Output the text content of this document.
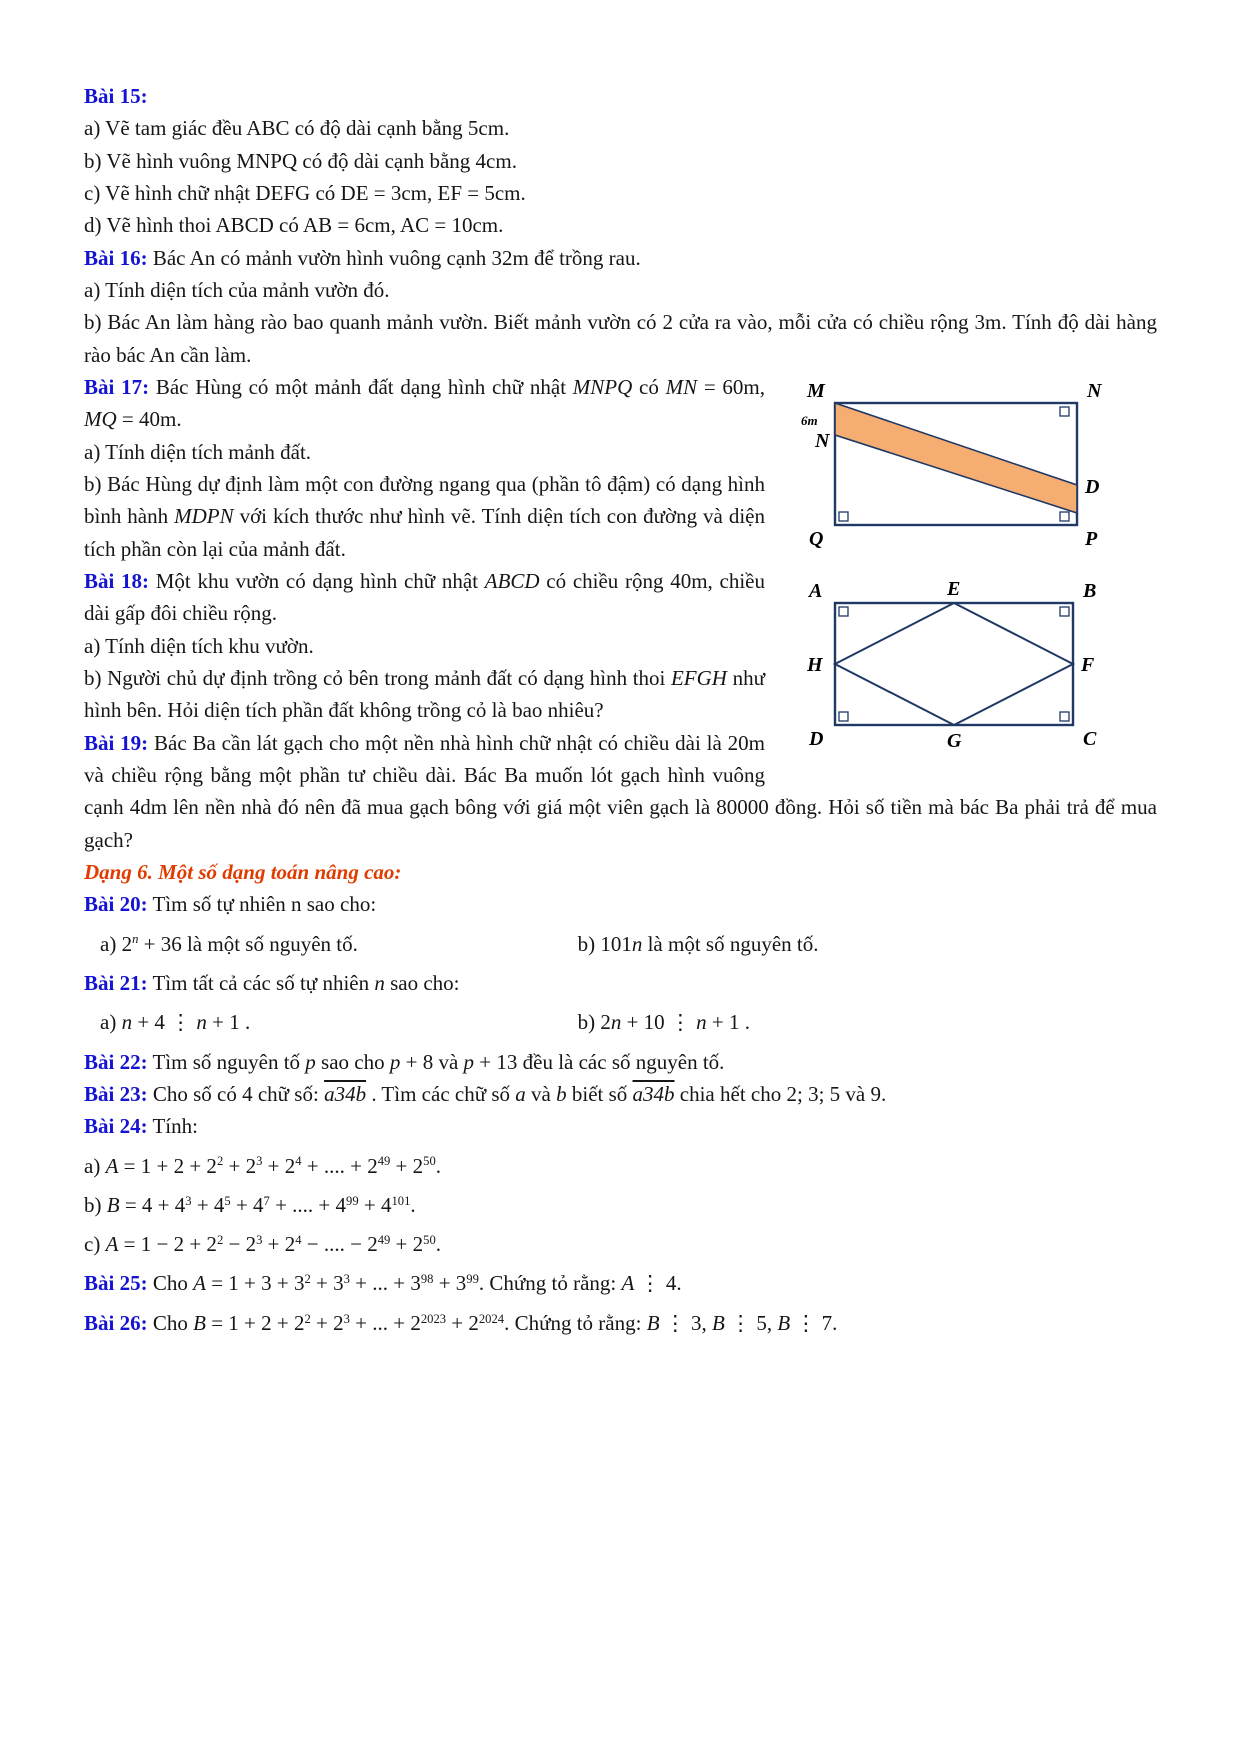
Bài 15:

a) Vẽ tam giác đều ABC có độ dài cạnh bằng 5cm.

b) Vẽ hình vuông MNPQ có độ dài cạnh bằng 4cm.

c) Vẽ hình chữ nhật DEFG có DE = 3cm, EF = 5cm.

d) Vẽ hình thoi ABCD có AB = 6cm, AC = 10cm.

Bài 16: Bác An có mảnh vườn hình vuông cạnh 32m để trồng rau.

a) Tính diện tích của mảnh vườn đó.

b) Bác An làm hàng rào bao quanh mảnh vườn. Biết mảnh vườn có 2 cửa ra vào, mỗi cửa có chiều rộng 3m. Tính độ dài hàng rào bác An cần làm.

M	N
6m
N
D
Q	P

Bài 17: Bác Hùng có một mảnh đất dạng hình chữ nhật MNPQ có MN = 60m, MQ = 40m.

a) Tính diện tích mảnh đất.

b) Bác Hùng dự định làm một con đường ngang qua (phần tô đậm) có dạng hình bình hành MDPN với kích thước như hình vẽ. Tính diện tích con đường và diện tích phần còn lại của mảnh đất.

A	E	B
H	F
D	G	C

Bài 18: Một khu vườn có dạng hình chữ nhật ABCD có chiều rộng 40m, chiều dài gấp đôi chiều rộng.

a) Tính diện tích khu vườn.

b) Người chủ dự định trồng cỏ bên trong mảnh đất có dạng hình thoi EFGH như hình bên. Hỏi diện tích phần đất không trồng cỏ là bao nhiêu?

Bài 19: Bác Ba cần lát gạch cho một nền nhà hình chữ nhật có chiều dài là 20m và chiều rộng bằng một phần tư chiều dài. Bác Ba muốn lót gạch hình vuông cạnh 4dm lên nền nhà đó nên đã mua gạch bông với giá một viên gạch là 80000 đồng. Hỏi số tiền mà bác Ba phải trả để mua gạch?

Dạng 6. Một số dạng toán nâng cao:

Bài 20: Tìm số tự nhiên n sao cho:

a) $2^n + 36$ là một số nguyên tố.	b) 101n là một số nguyên tố.

Bài 21: Tìm tất cả các số tự nhiên n sao cho:

a) n + 4 ⋮ n + 1 .	b) 2n + 10 ⋮ n + 1 .

Bài 22: Tìm số nguyên tố p sao cho p + 8 và p + 13 đều là các số nguyên tố.

Bài 23: Cho số có 4 chữ số: a34b . Tìm các chữ số a và b biết số a34b chia hết cho 2; 3; 5 và 9.

Bài 24: Tính:

a) $A = 1 + 2 + 2^2 + 2^3 + 2^4$ + .... + $2^{49} + 2^{50}$.

b) $B = 4 + 4^3 + 4^5 + 4^7$ + .... + $4^{99} + 4^{101}$.

c) $A = 1 - 2 + 2^2 - 2^3 + 2^4$ − .... − $2^{49} + 2^{50}$.

Bài 25: Cho $A = 1 + 3 + 3^2 + 3^3$ + ... + $3^{98} + 3^{99}$. Chứng tỏ rằng: A ⋮ 4.

Bài 26: Cho $B = 1 + 2 + 2^2 + 2^3$ + ... + $2^{2023} + 2^{2024}$. Chứng tỏ rằng: B ⋮ 3, B ⋮ 5, B ⋮ 7.
